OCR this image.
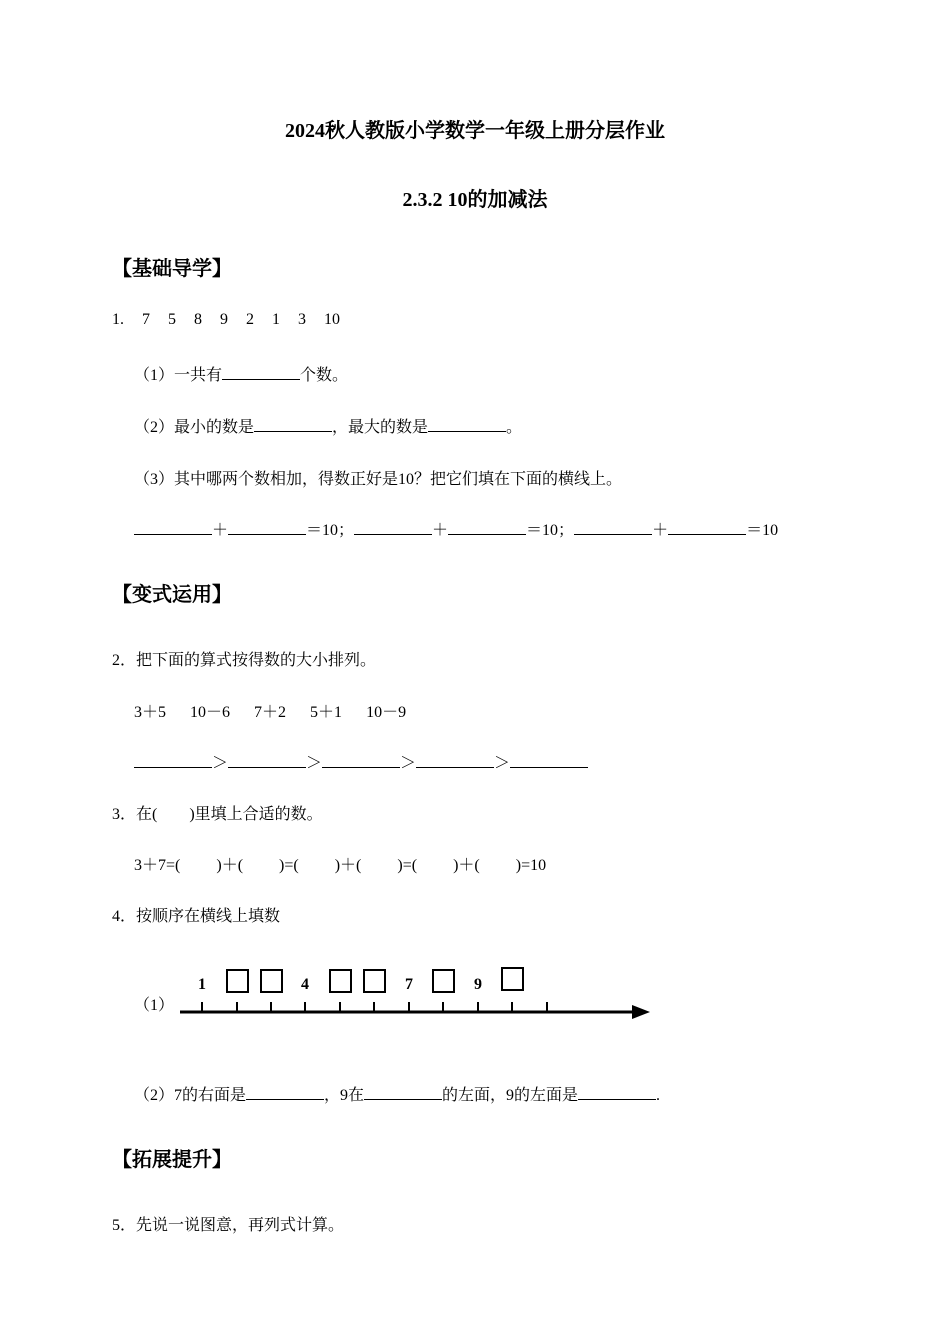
2024秋人教版小学数学一年级上册分层作业
2.3.2 10的加减法
【基础导学】
1. 7 5 8 9 2 1 3 10
（1）一共有	个数。
（2）最小的数是	，最大的数是	。
（3）其中哪两个数相加，得数正好是10？把它们填在下面的横线上。
＋	＝10；	＋	＝10；	＋	＝10
【变式运用】
2．把下面的算式按得数的大小排列。
3＋5 10－6 7＋2 5＋1 10－9
＞	＞	＞	＞
3．在(　　)里填上合适的数。
3＋7=( )＋( )=( )＋( )=( )＋( )=10
4．按顺序在横线上填数
（1）
1	4	7	9
（2）7的右面是	，9在	的左面，9的左面是	.
【拓展提升】
5．先说一说图意，再列式计算。
